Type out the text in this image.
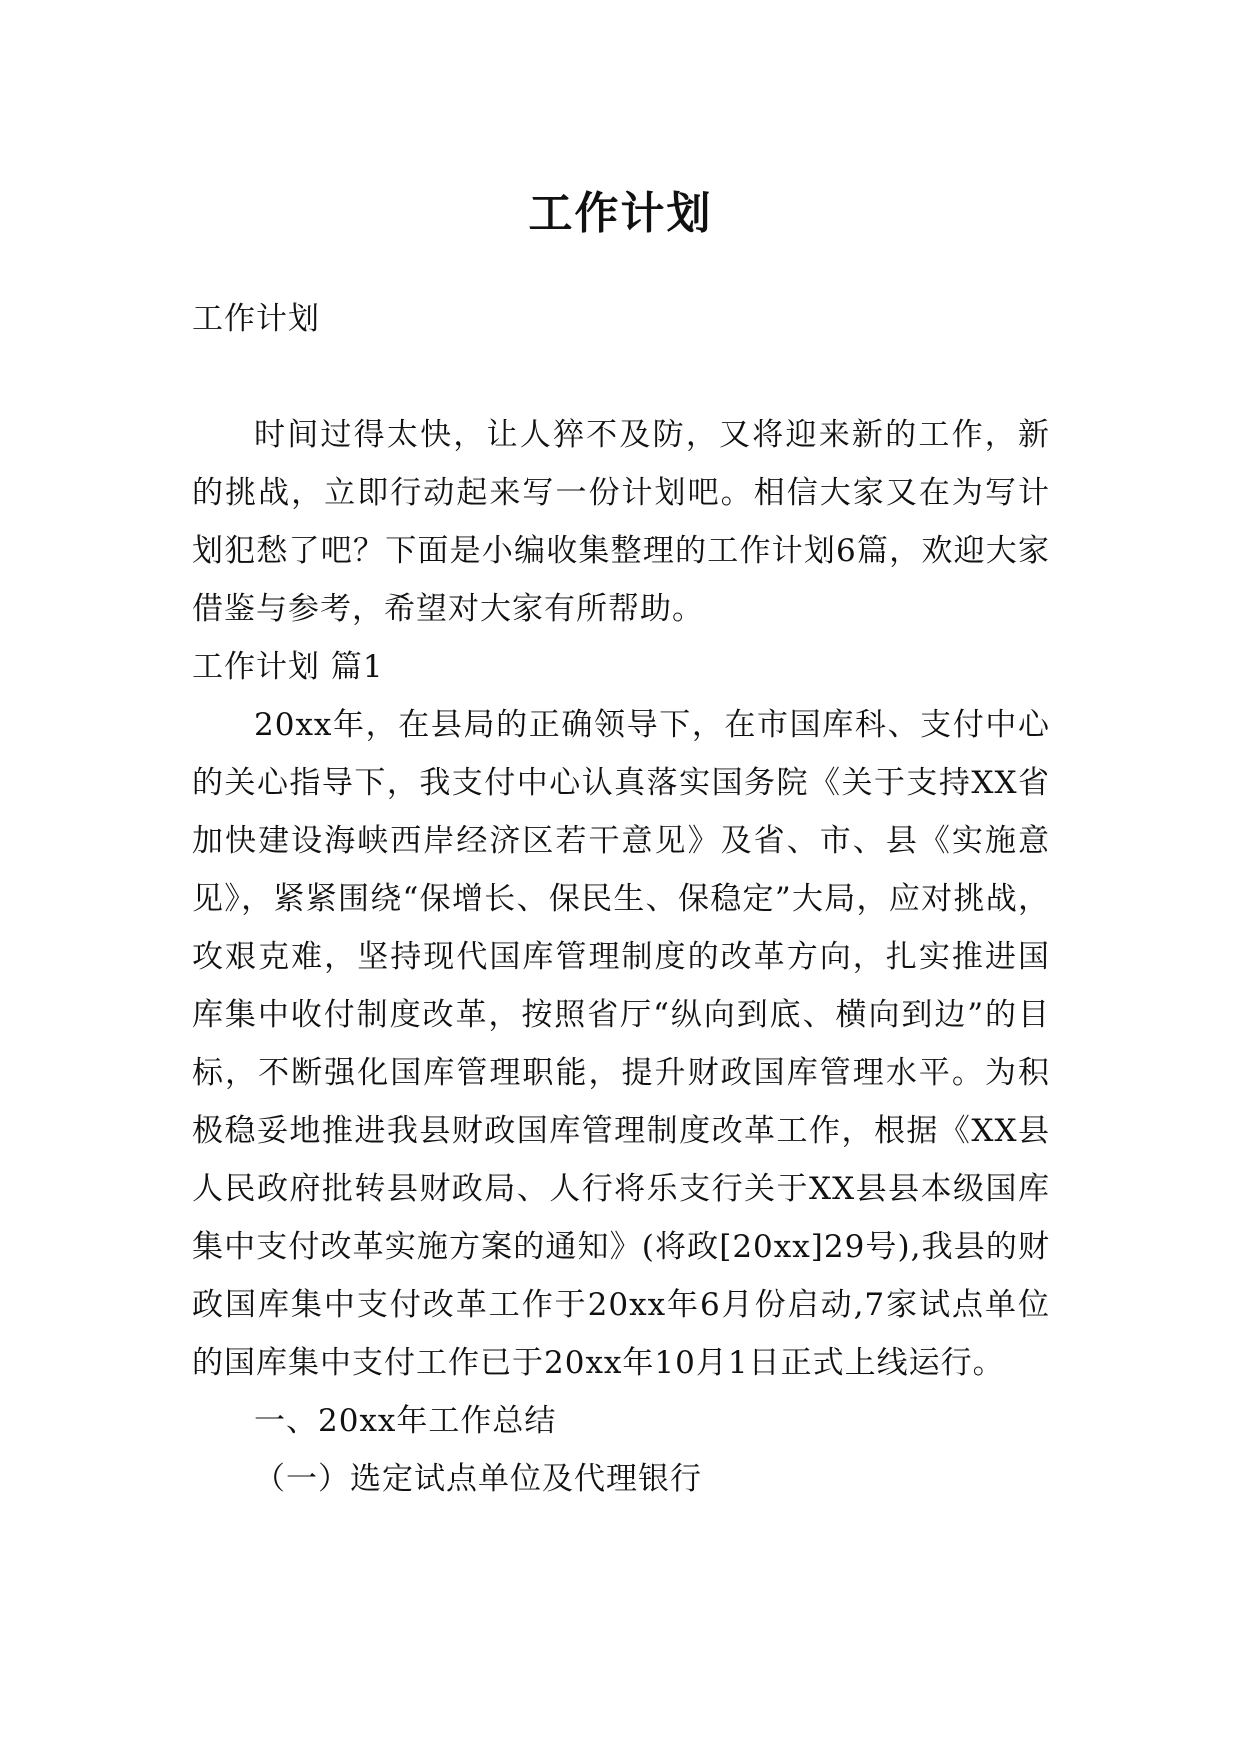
工作计划

工作计划

时间过得太快，让人猝不及防，又将迎来新的工作，新的挑战，立即行动起来写一份计划吧。相信大家又在为写计划犯愁了吧？下面是小编收集整理的工作计划6篇，欢迎大家借鉴与参考，希望对大家有所帮助。

工作计划 篇1

20xx年，在县局的正确领导下，在市国库科、支付中心的关心指导下，我支付中心认真落实国务院《关于支持XX省加快建设海峡西岸经济区若干意见》及省、市、县《实施意见》，紧紧围绕“保增长、保民生、保稳定”大局，应对挑战，攻艰克难，坚持现代国库管理制度的改革方向，扎实推进国库集中收付制度改革，按照省厅“纵向到底、横向到边”的目标，不断强化国库管理职能，提升财政国库管理水平。为积极稳妥地推进我县财政国库管理制度改革工作，根据《XX县人民政府批转县财政局、人行将乐支行关于XX县县本级国库集中支付改革实施方案的通知》(将政[20xx]29号),我县的财政国库集中支付改革工作于20xx年6月份启动,7家试点单位的国库集中支付工作已于20xx年10月1日正式上线运行。

一、20xx年工作总结

（一）选定试点单位及代理银行
